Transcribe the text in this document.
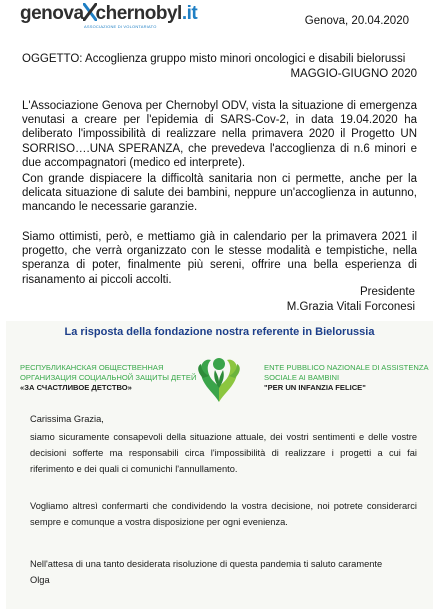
genova chernobyl.it
ASSOCIAZIONE DI VOLONTARIATO	Genova, 20.04.2020
OGGETTO: Accoglienza gruppo misto minori oncologici e disabili bielorussi
MAGGIO-GIUGNO 2020
L'Associazione Genova per Chernobyl ODV, vista la situazione di emergenza venutasi a creare per l'epidemia di SARS-Cov-2, in data 19.04.2020 ha deliberato l'impossibilità di realizzare nella primavera 2020 il Progetto UN SORRISO….UNA SPERANZA, che prevedeva l'accoglienza di n.6 minori e due accompagnatori (medico ed interprete).
Con grande dispiacere la difficoltà sanitaria non ci permette, anche per la delicata situazione di salute dei bambini, neppure un'accoglienza in autunno, mancando le necessarie garanzie.
Siamo ottimisti, però, e mettiamo già in calendario per la primavera 2021 il progetto, che verrà organizzato con le stesse modalità e tempistiche, nella speranza di poter, finalmente più sereni, offrire una bella esperienza di risanamento ai piccoli accolti.
Presidente
M.Grazia Vitali Forconesi
La risposta della fondazione nostra referente in Bielorussia
РЕСПУБЛИКАНСКАЯ ОБЩЕСТВЕННАЯ
ОРГАНИЗАЦИЯ СОЦИАЛЬНОЙ ЗАЩИТЫ ДЕТЕЙ
«ЗА СЧАСТЛИВОЕ ДЕТСТВО»
ENTE PUBBLICO NAZIONALE DI ASSISTENZA
SOCIALE AI BAMBINI
"PER UN INFANZIA FELICE"
Carissima Grazia,
siamo sicuramente consapevoli della situazione attuale, dei vostri sentimenti e delle vostre decisioni sofferte ma responsabili circa l'impossibilità di realizzare i progetti a cui fai riferimento e dei quali ci comunichi l'annullamento.
Vogliamo altresì confermarti che condividendo la vostra decisione, noi potrete considerarci sempre e comunque a vostra disposizione per ogni evenienza.
Nell'attesa di una tanto desiderata risoluzione di questa pandemia ti saluto caramente
Olga
